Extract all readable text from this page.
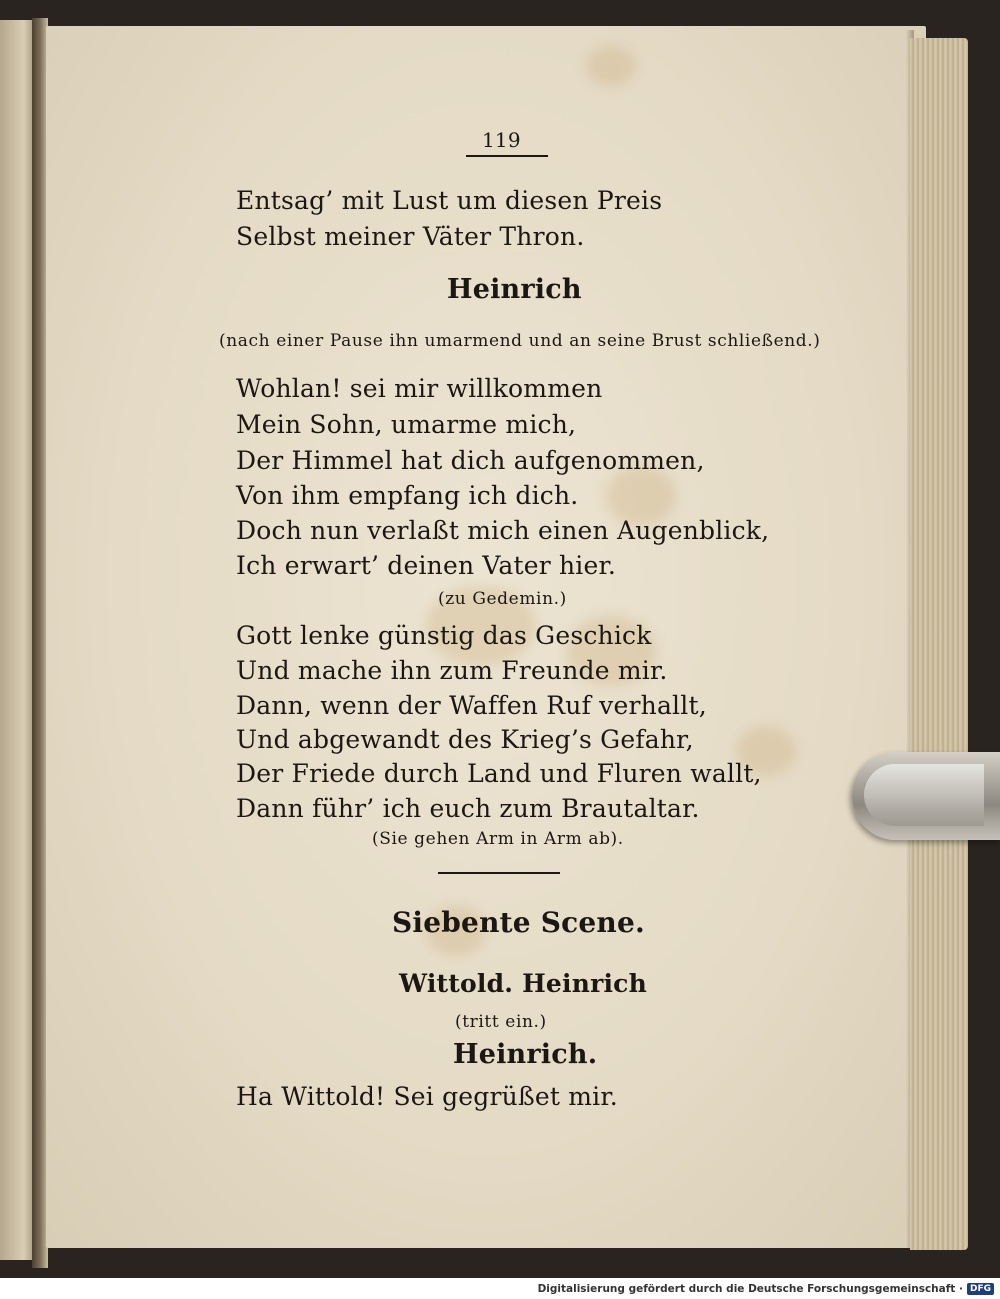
119
Entsag’ mit Lust um diesen Preis
Selbst meiner Väter Thron.
Heinrich
(nach einer Pause ihn umarmend und an seine Brust schließend.)
Wohlan! sei mir willkommen
Mein Sohn, umarme mich,
Der Himmel hat dich aufgenommen,
Von ihm empfang ich dich.
Doch nun verlaßt mich einen Augenblick,
Ich erwart’ deinen Vater hier.
(zu Gedemin.)
Gott lenke günstig das Geschick
Und mache ihn zum Freunde mir.
Dann, wenn der Waffen Ruf verhallt,
Und abgewandt des Krieg’s Gefahr,
Der Friede durch Land und Fluren wallt,
Dann führ’ ich euch zum Brautaltar.
(Sie gehen Arm in Arm ab).
Siebente Scene.
Wittold. Heinrich
(tritt ein.)
Heinrich.
Ha Wittold! Sei gegrüßet mir.
Digitalisierung gefördert durch die Deutsche Forschungsgemeinschaft · DFG
